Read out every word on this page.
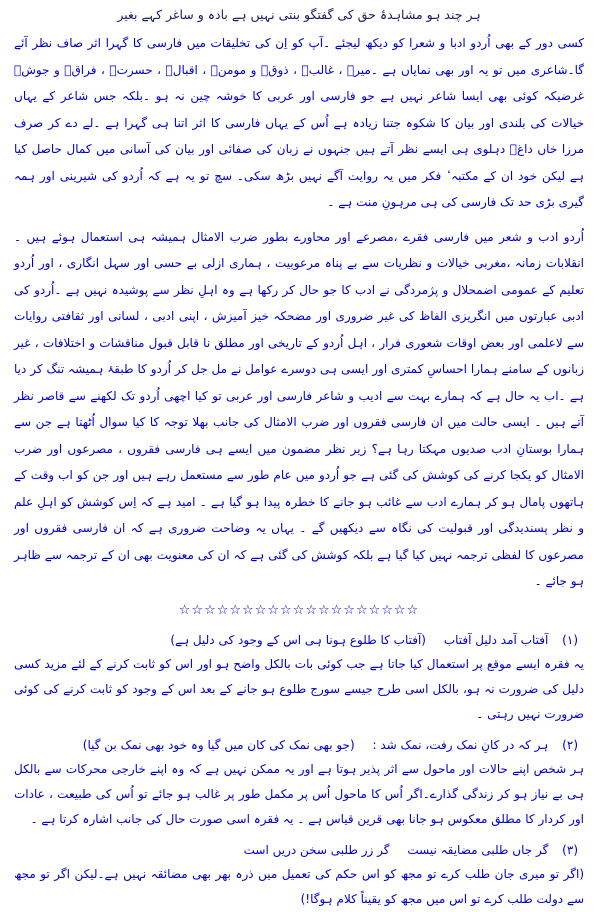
ہر چند ہو مشاہدۂ حق کی گفتگو بنتی نہیں ہے بادہ و ساغر کہے بغیر

کسی دور کے بھی اُردو ادبا و شعرا کو دیکھ لیجئے ۔آپ کو اِن کی تخلیقات میں فارسی کا گہرا اثر صاف نظر آئے گا۔شاعری میں تو یہ اور بھی نمایاں ہے ۔میرؔ ، غالبؔ ، ذوقؔ و مومنؔ ، اقبالؔ ، حسرتؔ ، فراقؔ و جوشؔ غرضیکہ کوئی بھی ایسا شاعر نہیں ہے جو فارسی اور عربی کا خوشہ چین نہ ہو ۔بلکہ جس شاعر کے یہاں خیالات کی بلندی اور بیان کا شکوہ جتنا زیادہ ہے اُس کے یہاں فارسی کا اثر اتنا ہی گہرا ہے ۔لے دے کر صرف مرزا خاں داغؔ دہلوی ہی ایسے نظر آتے ہیں جنہوں نے زبان کی صفائی اور بیان کی آسانی میں کمال حاصل کیا ہے لیکن خود ان کے مکتبہ ٔ فکر میں یہ روایت آگے نہیں بڑھ سکی۔ سچ تو یہ ہے کہ اُردو کی شیرینی اور ہمہ گیری بڑی حد تک فارسی کی ہی مرہونِ منت ہے ۔

اُردو ادب و شعر میں فارسی فقرے ،مصرعے اور محاورے بطور ضرب الامثال ہمیشہ ہی استعمال ہوئے ہیں ۔انقلابات زمانہ ،مغربی خیالات و نظریات سے بے پناہ مرعوبیت ، ہماری ازلی بے حسی اور سہل انگاری ، اور اُردو تعلیم کے عمومی اضمحلال و پژمردگی نے ادب کا جو حال کر رکھا ہے وہ اہلِ نظر سے پوشیدہ نہیں ہے ۔اُردو کی ادبی عبارتوں میں انگریزی الفاظ کی غیر ضروری اور مضحکہ خیز آمیزش ، اپنی ادبی ، لسانی اور ثقافتی روایات سے لاعلمی اور بعض اوقات شعوری فرار ، اہل اُردو کے تاریخی اور مطلق نا قابل قبول مناقشات و اختلافات ، غیر زبانوں کے سامنے ہمارا احساسِ کمتری اور ایسی ہی دوسرے عوامل نے مل جل کر اُردو کا طبقۂ ہمیشہ تنگ کر دیا ہے ۔اب یہ حال ہے کہ ہمارے بہت سے ادیب و شاعر فارسی اور عربی تو کیا اچھی اُردو تک لکھنے سے قاصر نظر آتے ہیں ۔ ایسی حالت میں ان فارسی فقروں اور ضرب الامثال کی جانب بھلا توجہ کا کیا سوال اُٹھتا ہے جن سے ہمارا بوستانِ ادب صدیوں مہکتا رہا ہے؟ زیر نظر مضمون میں ایسے ہی فارسی فقروں ، مصرعوں اور ضرب الامثال کو یکجا کرنے کی کوشش کی گئی ہے جو اُردو میں عام طور سے مستعمل رہے ہیں اور جن کو اب وقت کے ہاتھوں پامال ہو کر ہمارے ادب سے غائب ہو جانے کا خطرہ پیدا ہو گیا ہے ۔ امید ہے کہ اِس کوشش کو اہلِ علم و نظر پسندیدگی اور قبولیت کی نگاہ سے دیکھیں گے ۔ یہاں یہ وضاحت ضروری ہے کہ ان فارسی فقروں اور مصرعوں کا لفظی ترجمہ نہیں کیا گیا ہے بلکہ کوشش کی گئی ہے کہ ان کی معنویت بھی ان کے ترجمہ سے ظاہر ہو جائے ۔

☆☆☆☆☆☆☆☆☆☆☆☆☆☆☆☆☆☆☆

(۱) آفتاب آمد دلیل آفتاب (آفتاب کا طلوع ہونا ہی اس کے وجود کی دلیل ہے)

یہ فقرہ ایسے موقع پر استعمال کیا جاتا ہے جب کوئی بات بالکل واضح ہو اور اس کو ثابت کرنے کے لئے مزید کسی دلیل کی ضرورت نہ ہو، بالکل اسی طرح جیسے سورج طلوع ہو جانے کے بعد اس کے وجود کو ثابت کرنے کی کوئی ضرورت نہیں رہتی ۔

(۲) ہر کہ در کانِ نمک رفت، نمک شد : (جو بھی نمک کی کان میں گیا وہ خود بھی نمک بن گیا)

ہر شخص اپنے حالات اور ماحول سے اثر پذیر ہوتا ہے اور یہ ممکن نہیں ہے کہ وہ اپنے خارجی محرکات سے بالکل ہی بے نیاز ہو کر زندگی گذارے۔اگر اُس کا ماحول اُس پر مکمل طور پر غالب ہو جائے تو اُس کی طبیعت ، عادات اور کردار کا مطلق معکوس ہو جانا بھی قرین قیاس ہے ۔ یہ فقرہ اسی صورت حال کی جانب اشارہ کرتا ہے ۔

(۳) گر جاں طلبی مضایقہ نیست گر زر طلبی سخن دریں است

(اگر تو میری جان طلب کرے تو مجھ کو اس حکم کی تعمیل میں ذرہ بھر بھی مضائقہ نہیں ہے۔لیکن اگر تو مجھ سے دولت طلب کرے تو اس میں مجھ کو یقیناً کلام ہوگا!)
